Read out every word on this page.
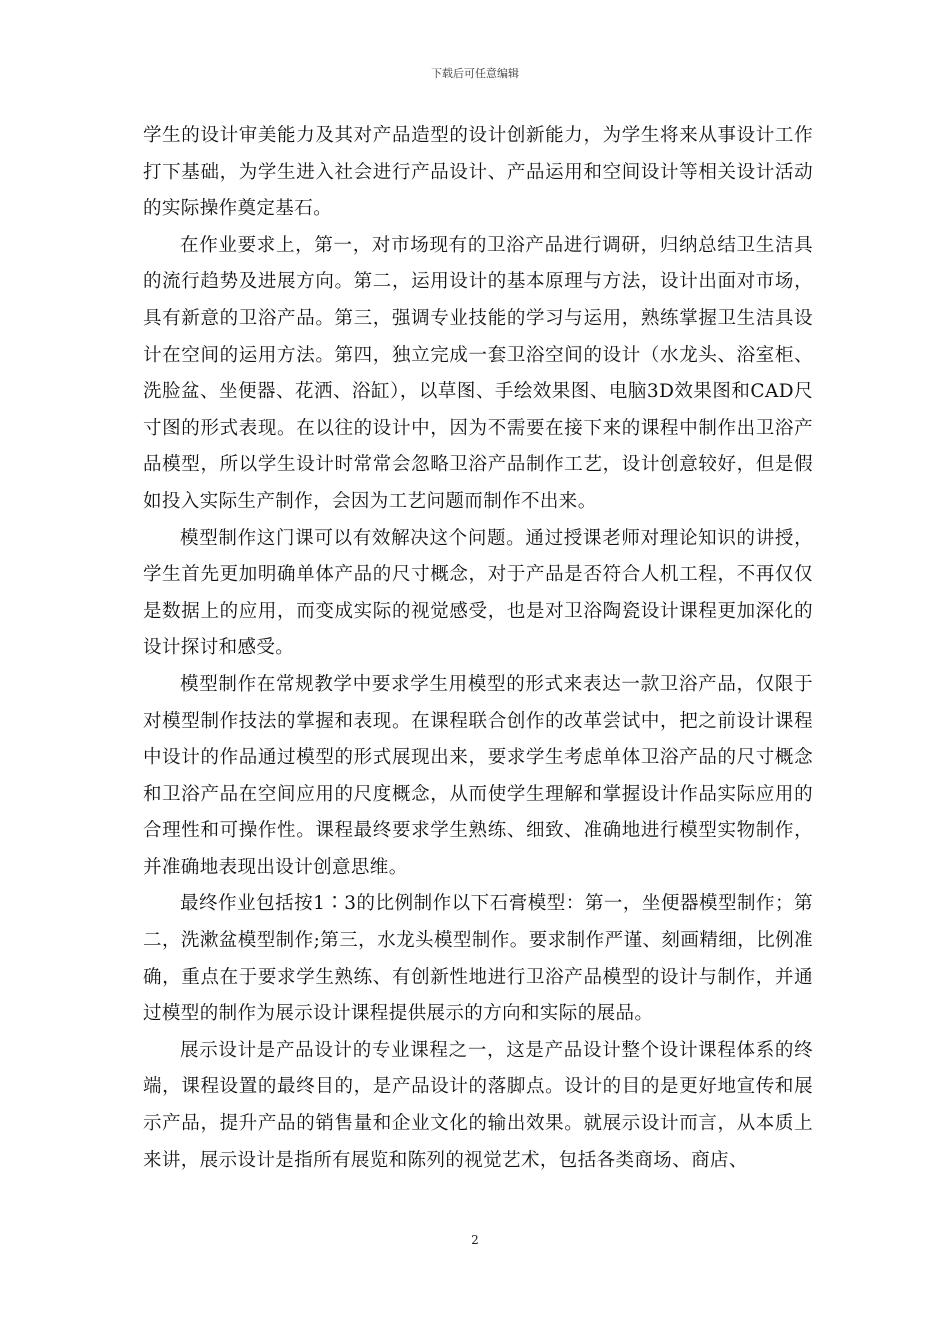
下载后可任意编辑

学生的设计审美能力及其对产品造型的设计创新能力，为学生将来从事设计工作打下基础，为学生进入社会进行产品设计、产品运用和空间设计等相关设计活动的实际操作奠定基石。

在作业要求上，第一，对市场现有的卫浴产品进行调研，归纳总结卫生洁具的流行趋势及进展方向。第二，运用设计的基本原理与方法，设计出面对市场，具有新意的卫浴产品。第三，强调专业技能的学习与运用，熟练掌握卫生洁具设计在空间的运用方法。第四，独立完成一套卫浴空间的设计（水龙头、浴室柜、洗脸盆、坐便器、花洒、浴缸），以草图、手绘效果图、电脑3D效果图和CAD尺寸图的形式表现。在以往的设计中，因为不需要在接下来的课程中制作出卫浴产品模型，所以学生设计时常常会忽略卫浴产品制作工艺，设计创意较好，但是假如投入实际生产制作，会因为工艺问题而制作不出来。

模型制作这门课可以有效解决这个问题。通过授课老师对理论知识的讲授，学生首先更加明确单体产品的尺寸概念，对于产品是否符合人机工程，不再仅仅是数据上的应用，而变成实际的视觉感受，也是对卫浴陶瓷设计课程更加深化的设计探讨和感受。

模型制作在常规教学中要求学生用模型的形式来表达一款卫浴产品，仅限于对模型制作技法的掌握和表现。在课程联合创作的改革尝试中，把之前设计课程中设计的作品通过模型的形式展现出来，要求学生考虑单体卫浴产品的尺寸概念和卫浴产品在空间应用的尺度概念，从而使学生理解和掌握设计作品实际应用的合理性和可操作性。课程最终要求学生熟练、细致、准确地进行模型实物制作，并准确地表现出设计创意思维。

最终作业包括按1∶3的比例制作以下石膏模型：第一，坐便器模型制作；第二，洗漱盆模型制作;第三，水龙头模型制作。要求制作严谨、刻画精细，比例准确，重点在于要求学生熟练、有创新性地进行卫浴产品模型的设计与制作，并通过模型的制作为展示设计课程提供展示的方向和实际的展品。

展示设计是产品设计的专业课程之一，这是产品设计整个设计课程体系的终端，课程设置的最终目的，是产品设计的落脚点。设计的目的是更好地宣传和展示产品，提升产品的销售量和企业文化的输出效果。就展示设计而言，从本质上来讲，展示设计是指所有展览和陈列的视觉艺术，包括各类商场、商店、

2
